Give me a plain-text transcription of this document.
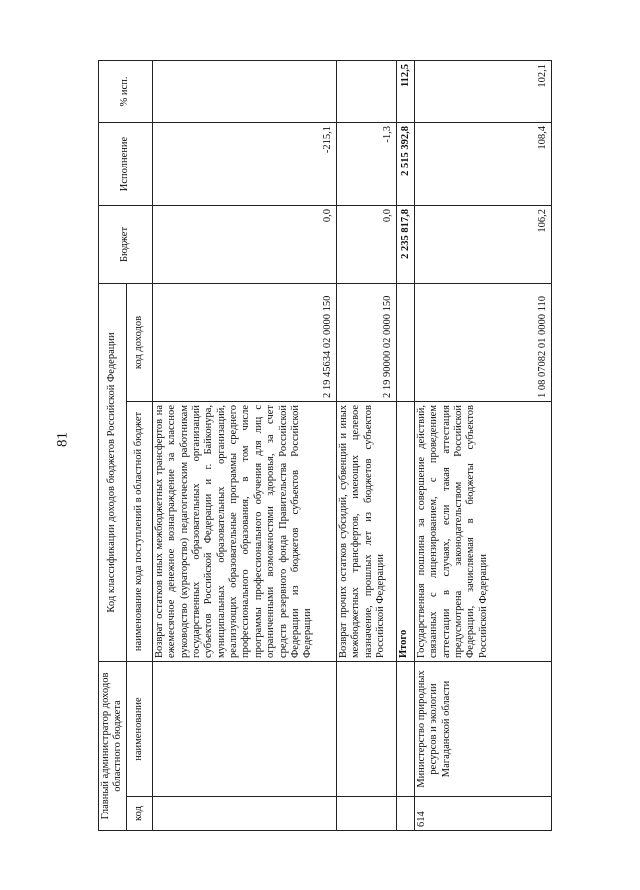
81
Главный администратор доходов областного бюджета		Код классификации доходов бюджетов Российской Федерации		Бюджет	Исполнение	% исп.
код	наименование	наименование кода поступлений в областной бюджет	код доходов			
		Возврат остатков иных межбюджетных трансфертов на ежемесячное денежное вознаграждение за классное руководство (кураторство) педагогическим работникам государственных образовательных организаций субъектов Российской Федерации и г. Байконура, муниципальных образовательных организаций, реализующих образовательные программы среднего профессионального образования, в том числе программы профессионального обучения для лиц с ограниченными возможностями здоровья, за счет средств резервного фонда Правительства Российской Федерации из бюджетов субъектов Российской Федерации	2 19 45634 02 0000 150	0,0	-215,1	
		Возврат прочих остатков субсидий, субвенций и иных межбюджетных трансфертов, имеющих целевое назначение, прошлых лет из бюджетов субъектов Российской Федерации	2 19 90000 02 0000 150	0,0	-1,3	
		Итого		2 235 817,8	2 515 392,8	112,5
614	Министерство природных ресурсов и экологии Магаданской области	Государственная пошлина за совершение действий, связанных с лицензированием, с проведением аттестации в случаях, если такая аттестация предусмотрена законодательством Российской Федерации, зачисляемая в бюджеты субъектов Российской Федерации	1 08 07082 01 0000 110	106,2	108,4	102,1
